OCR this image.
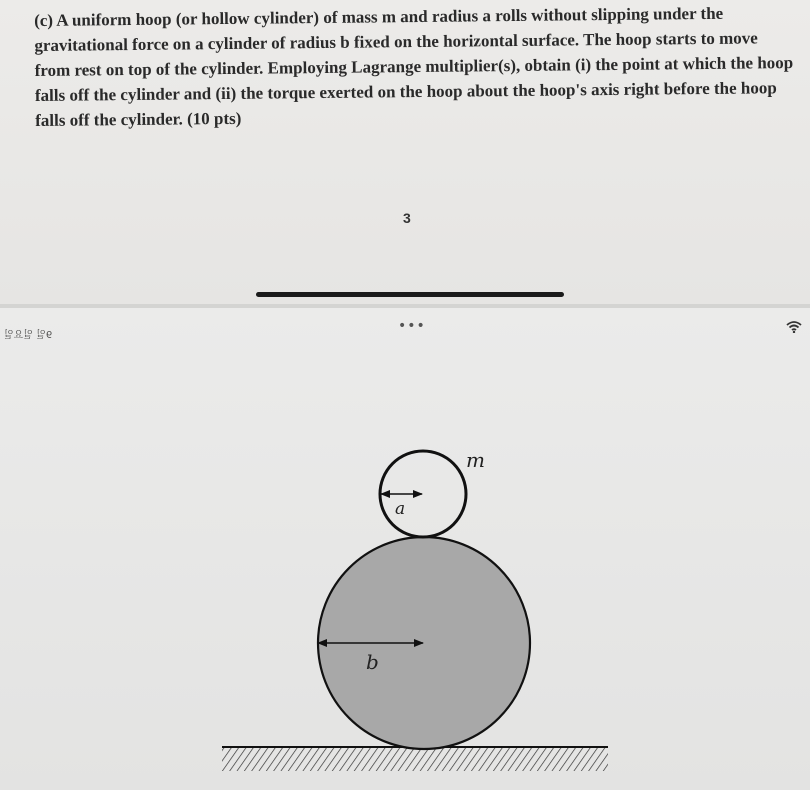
(c) A uniform hoop (or hollow cylinder) of mass m and radius a rolls without slipping under the gravitational force on a cylinder of radius b fixed on the horizontal surface. The hoop starts to move from rest on top of the cylinder. Employing Lagrange multiplier(s), obtain (i) the point at which the hoop falls off the cylinder and (ii) the torque exerted on the hoop about the hoop's axis right before the hoop falls off the cylinder. (10 pts)

3
9일 일요일
•••
b
a
m
